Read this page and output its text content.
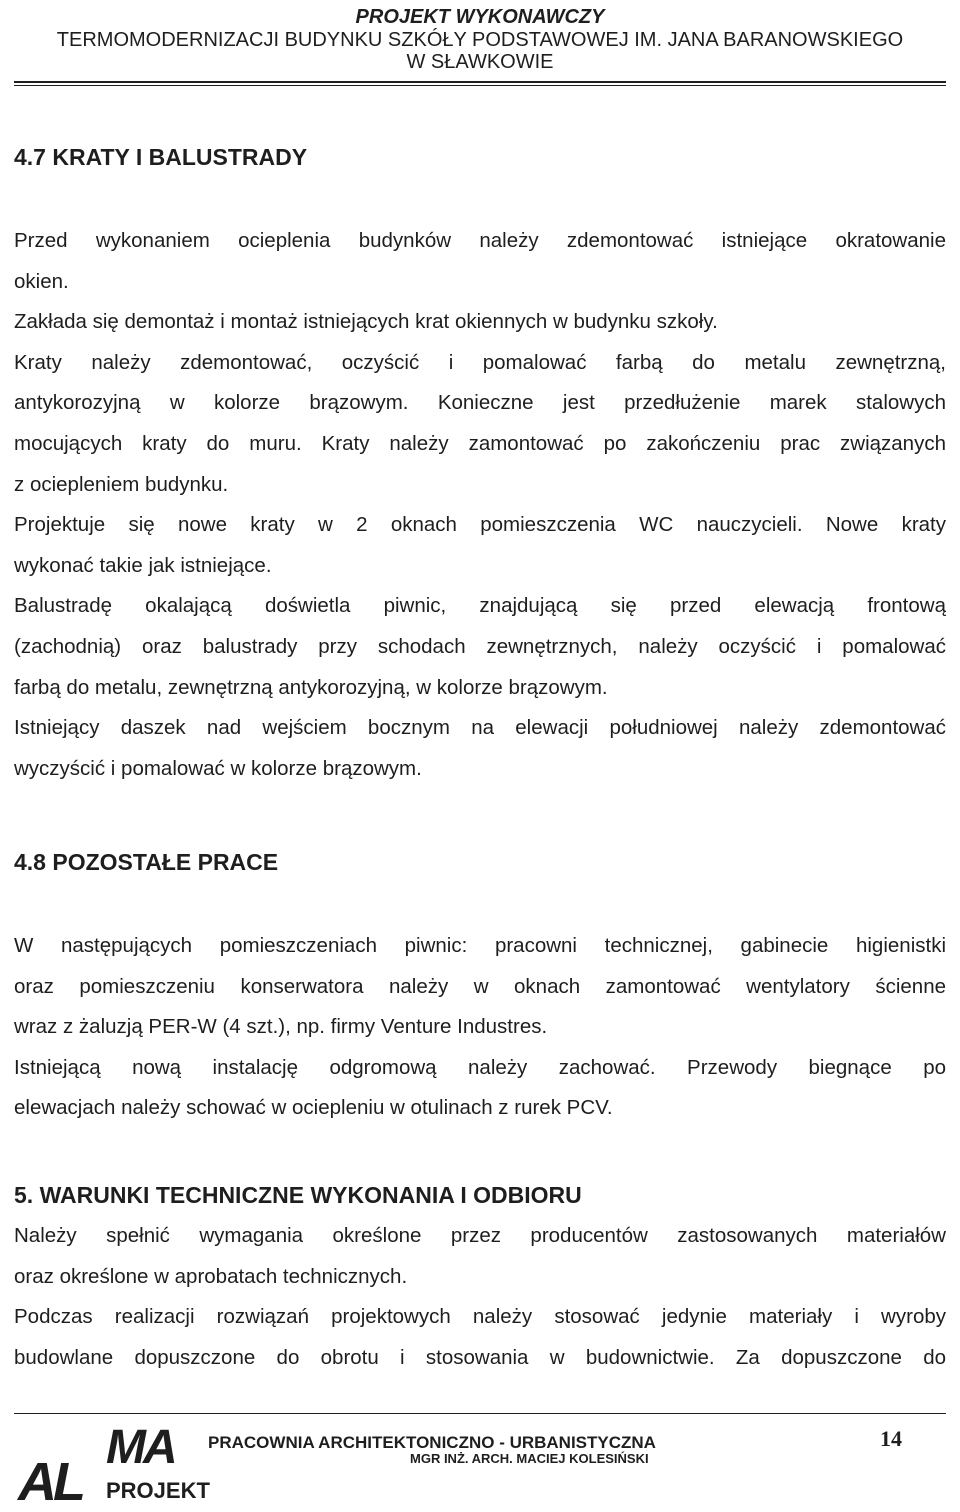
PROJEKT WYKONAWCZY
TERMOMODERNIZACJI BUDYNKU SZKÓŁY PODSTAWOWEJ IM. JANA BARANOWSKIEGO
W SŁAWKOWIE
4.7 KRATY I BALUSTRADY
Przed wykonaniem ocieplenia budynków należy zdemontować istniejące okratowanie
okien.
Zakłada się demontaż i montaż istniejących krat okiennych w budynku szkoły.
Kraty należy zdemontować, oczyścić i pomalować farbą do metalu zewnętrzną,
antykorozyjną w kolorze brązowym. Konieczne jest przedłużenie marek stalowych
mocujących kraty do muru. Kraty należy zamontować po zakończeniu prac związanych
z ociepleniem budynku.
Projektuje się nowe kraty w 2 oknach pomieszczenia WC nauczycieli. Nowe kraty
wykonać takie jak istniejące.
Balustradę okalającą doświetla piwnic, znajdującą się przed elewacją frontową
(zachodnią) oraz balustrady przy schodach zewnętrznych, należy oczyścić i pomalować
farbą do metalu, zewnętrzną antykorozyjną, w kolorze brązowym.
Istniejący daszek nad wejściem bocznym na elewacji południowej należy zdemontować
wyczyścić i pomalować w kolorze brązowym.
4.8 POZOSTAŁE PRACE
W następujących pomieszczeniach piwnic: pracowni technicznej, gabinecie higienistki
oraz pomieszczeniu konserwatora należy w oknach zamontować wentylatory ścienne
wraz z żaluzją PER-W (4 szt.), np. firmy Venture Industres.
Istniejącą nową instalację odgromową należy zachować. Przewody biegnące po
elewacjach należy schować w ociepleniu w otulinach z rurek PCV.
5. WARUNKI TECHNICZNE WYKONANIA I ODBIORU
Należy spełnić wymagania określone przez producentów zastosowanych materiałów
oraz określone w aprobatach technicznych.
Podczas realizacji rozwiązań projektowych należy stosować jedynie materiały i wyroby
budowlane dopuszczone do obrotu i stosowania w budownictwie. Za dopuszczone do
AL
MA
PROJEKT
PRACOWNIA ARCHITEKTONICZNO - URBANISTYCZNA
MGR INŻ. ARCH. MACIEJ KOLESIŃSKI
14
